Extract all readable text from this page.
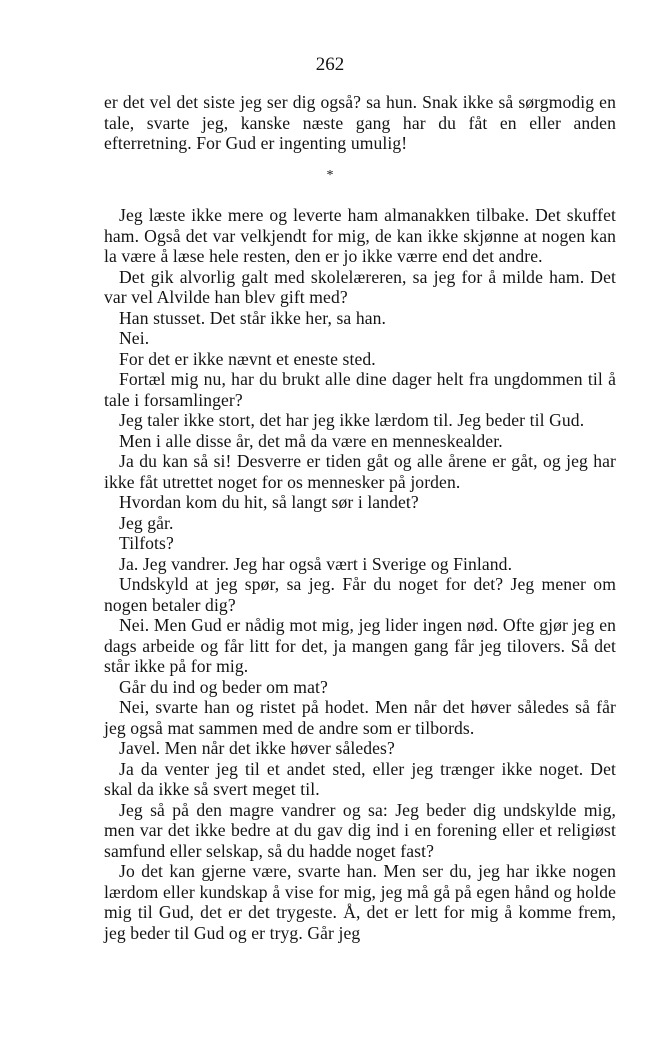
262

er det vel det siste jeg ser dig også? sa hun. Snak ikke så sørgmodig en tale, svarte jeg, kanske næste gang har du fåt en eller anden efterretning. For Gud er ingenting umulig!

*

Jeg læste ikke mere og leverte ham almanakken tilbake. Det skuffet ham. Også det var velkjendt for mig, de kan ikke skjønne at nogen kan la være å læse hele resten, den er jo ikke værre end det andre.

Det gik alvorlig galt med skolelæreren, sa jeg for å milde ham. Det var vel Alvilde han blev gift med?

Han stusset. Det står ikke her, sa han.

Nei.

For det er ikke nævnt et eneste sted.

Fortæl mig nu, har du brukt alle dine dager helt fra ungdommen til å tale i forsamlinger?

Jeg taler ikke stort, det har jeg ikke lærdom til. Jeg beder til Gud.

Men i alle disse år, det må da være en menneskealder.

Ja du kan så si! Desverre er tiden gåt og alle årene er gåt, og jeg har ikke fåt utrettet noget for os mennesker på jorden.

Hvordan kom du hit, så langt sør i landet?

Jeg går.

Tilfots?

Ja. Jeg vandrer. Jeg har også vært i Sverige og Finland.

Undskyld at jeg spør, sa jeg. Får du noget for det? Jeg mener om nogen betaler dig?

Nei. Men Gud er nådig mot mig, jeg lider ingen nød. Ofte gjør jeg en dags arbeide og får litt for det, ja mangen gang får jeg tilovers. Så det står ikke på for mig.

Går du ind og beder om mat?

Nei, svarte han og ristet på hodet. Men når det høver således så får jeg også mat sammen med de andre som er tilbords.

Javel. Men når det ikke høver således?

Ja da venter jeg til et andet sted, eller jeg trænger ikke noget. Det skal da ikke så svert meget til.

Jeg så på den magre vandrer og sa: Jeg beder dig undskylde mig, men var det ikke bedre at du gav dig ind i en forening eller et religiøst samfund eller selskap, så du hadde noget fast?

Jo det kan gjerne være, svarte han. Men ser du, jeg har ikke nogen lærdom eller kundskap å vise for mig, jeg må gå på egen hånd og holde mig til Gud, det er det trygeste. Å, det er lett for mig å komme frem, jeg beder til Gud og er tryg. Går jeg
